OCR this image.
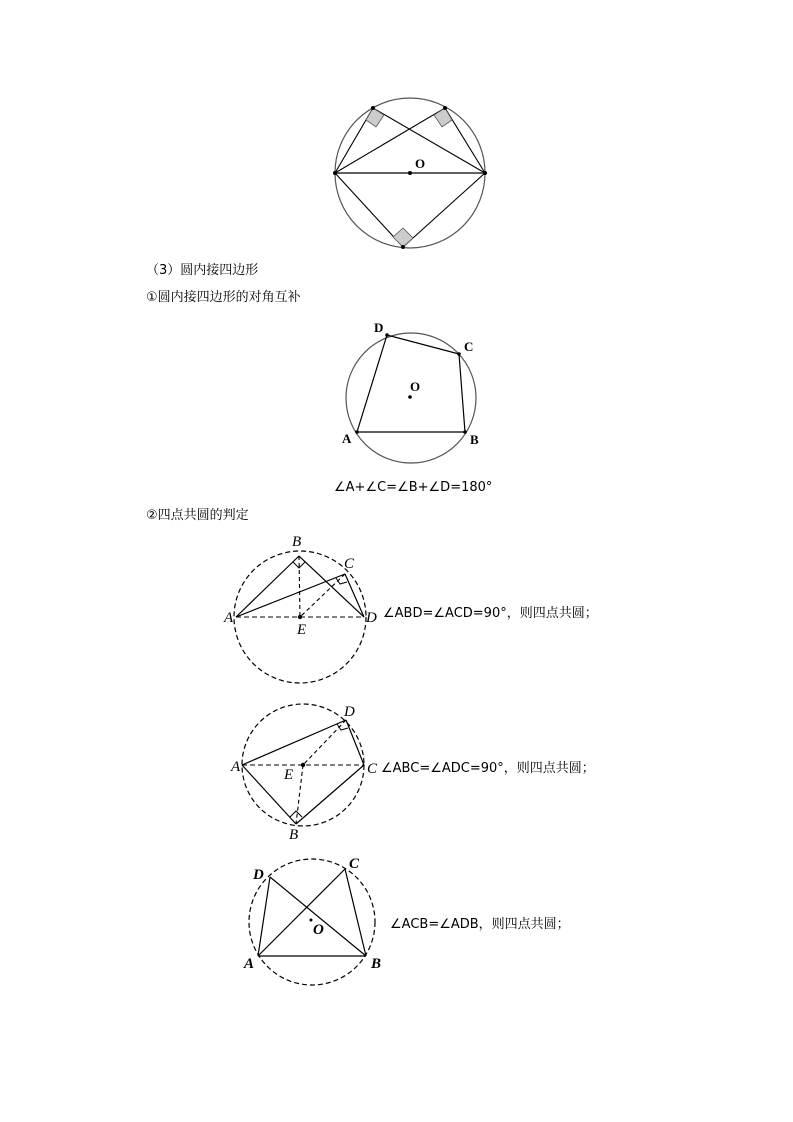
O
（3）圆内接四边形
①圆内接四边形的对角互补
D
C
O
A	B
∠A+∠C=∠B+∠D=180°
②四点共圆的判定
B
C
A	D
E
∠ABD=∠ACD=90°，则四点共圆；
D
A	C
E
B
∠ABC=∠ADC=90°，则四点共圆；
D
C
O
A	B
∠ACB=∠ADB，则四点共圆；
